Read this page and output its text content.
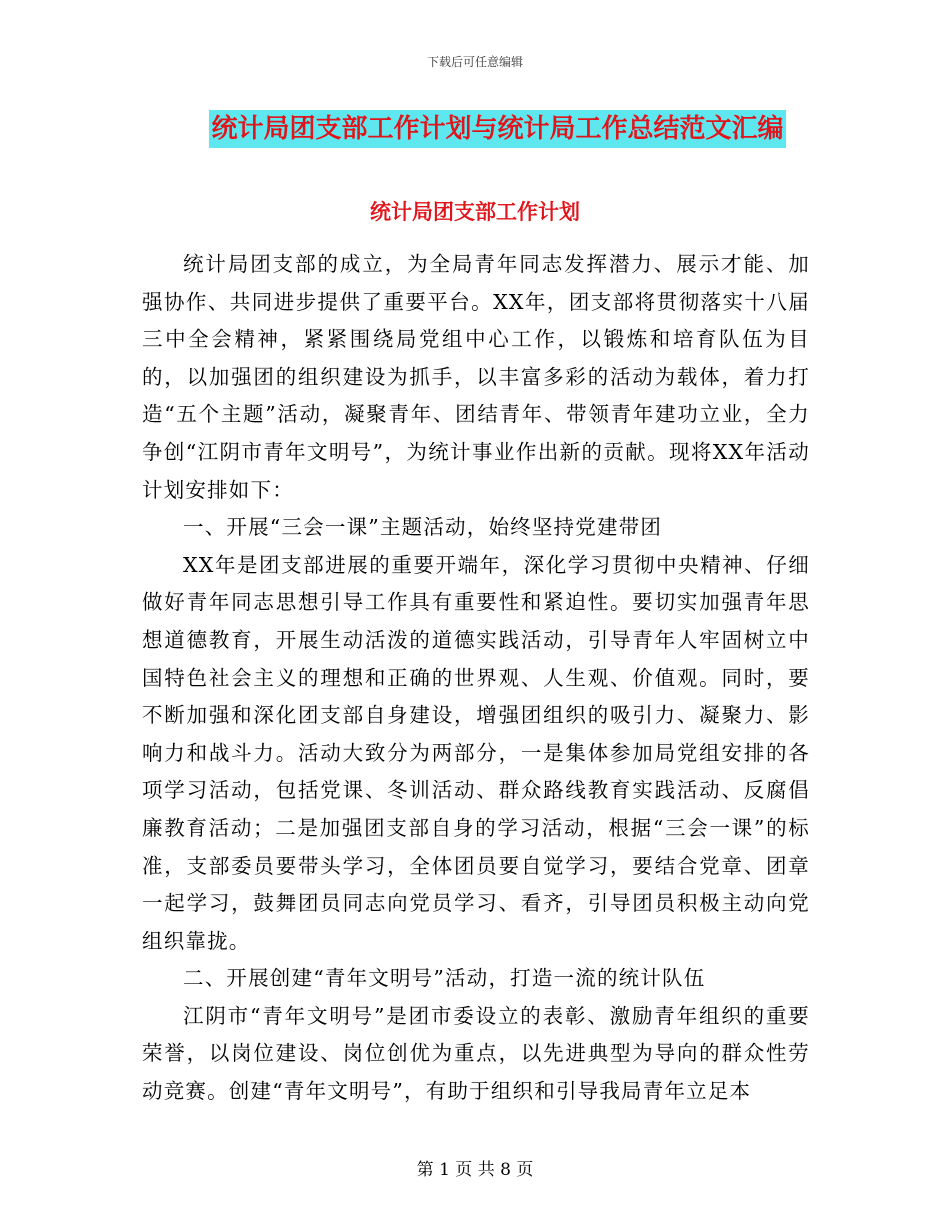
下载后可任意编辑
统计局团支部工作计划与统计局工作总结范文汇编
统计局团支部工作计划

统计局团支部的成立，为全局青年同志发挥潜力、展示才能、加强协作、共同进步提供了重要平台。XX年，团支部将贯彻落实十八届三中全会精神，紧紧围绕局党组中心工作，以锻炼和培育队伍为目的，以加强团的组织建设为抓手，以丰富多彩的活动为载体，着力打造“五个主题”活动，凝聚青年、团结青年、带领青年建功立业，全力争创“江阴市青年文明号”，为统计事业作出新的贡献。现将XX年活动计划安排如下：

一、开展“三会一课”主题活动，始终坚持党建带团

XX年是团支部进展的重要开端年，深化学习贯彻中央精神、仔细做好青年同志思想引导工作具有重要性和紧迫性。要切实加强青年思想道德教育，开展生动活泼的道德实践活动，引导青年人牢固树立中国特色社会主义的理想和正确的世界观、人生观、价值观。同时，要不断加强和深化团支部自身建设，增强团组织的吸引力、凝聚力、影响力和战斗力。活动大致分为两部分，一是集体参加局党组安排的各项学习活动，包括党课、冬训活动、群众路线教育实践活动、反腐倡廉教育活动；二是加强团支部自身的学习活动，根据“三会一课”的标准，支部委员要带头学习，全体团员要自觉学习，要结合党章、团章一起学习，鼓舞团员同志向党员学习、看齐，引导团员积极主动向党组织靠拢。

二、开展创建“青年文明号”活动，打造一流的统计队伍

江阴市“青年文明号”是团市委设立的表彰、激励青年组织的重要荣誉，以岗位建设、岗位创优为重点，以先进典型为导向的群众性劳动竞赛。创建“青年文明号”，有助于组织和引导我局青年立足本

第 1 页 共 8 页
